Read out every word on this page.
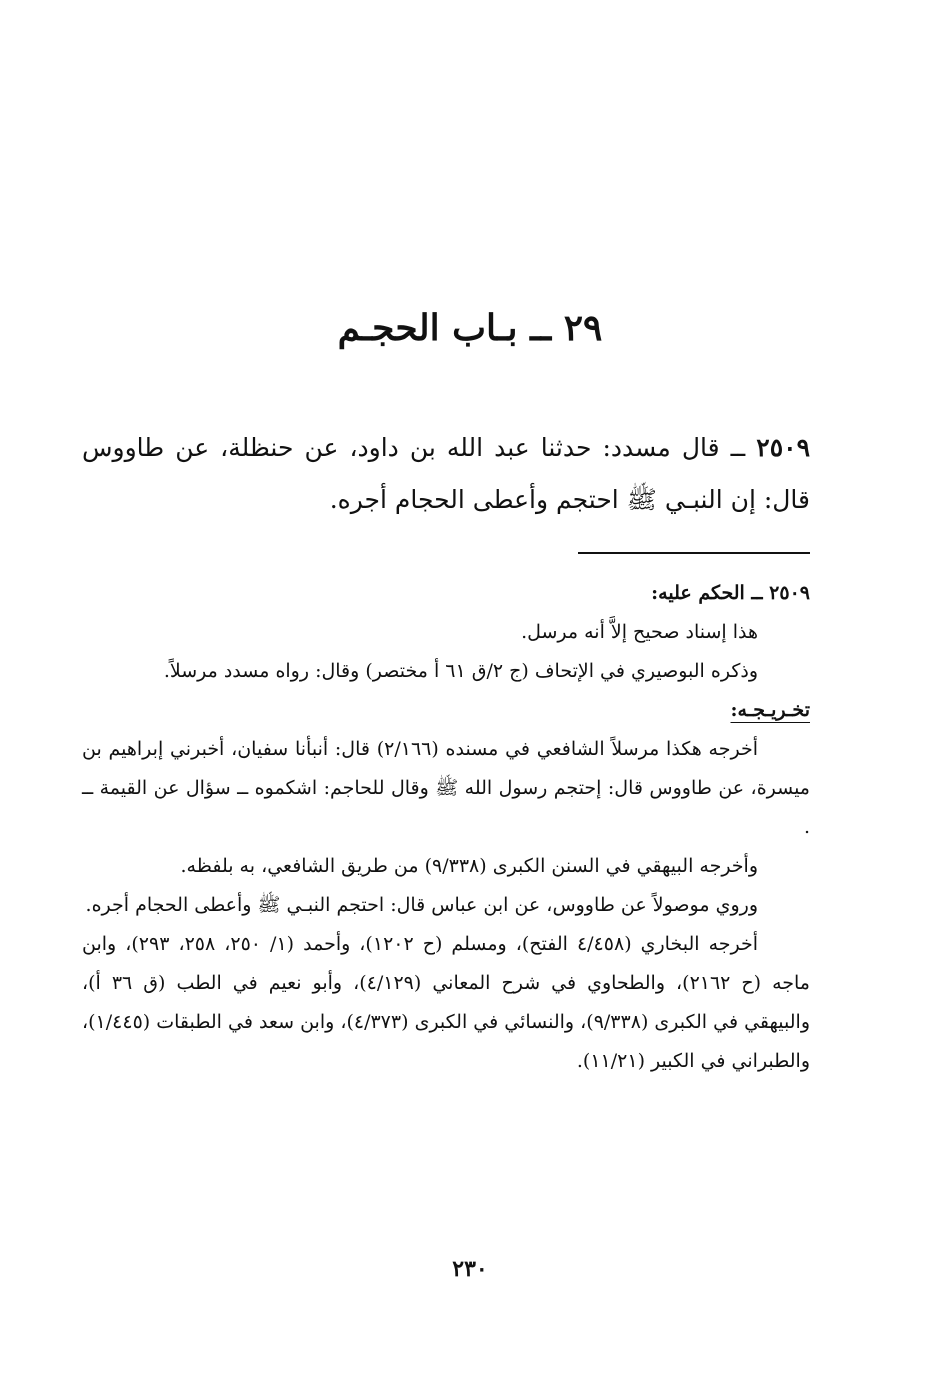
٢٩ ــ بـاب الحجـم
٢٥٠٩ ــ قال مسدد: حدثنا عبد الله بن داود، عن حنظلة، عن طاووس قال: إن النبـي ﷺ احتجم وأعطى الحجام أجره.

٢٥٠٩ ــ الحكم عليه:

هذا إسناد صحيح إلاَّ أنه مرسل.

وذكره البوصيري في الإتحاف (ج ٢/ق ٦١ أ مختصر) وقال: رواه مسدد مرسلاً.

تخـريـجـه:

أخرجه هكذا مرسلاً الشافعي في مسنده (٢/١٦٦) قال: أنبأنا سفيان، أخبرني إبراهيم بن ميسرة، عن طاووس قال: إحتجم رسول الله ﷺ وقال للحاجم: اشكموه ــ سؤال عن القيمة ــ .

وأخرجه البيهقي في السنن الكبرى (٩/٣٣٨) من طريق الشافعي، به بلفظه.

وروي موصولاً عن طاووس، عن ابن عباس قال: احتجم النبـي ﷺ وأعطى الحجام أجره.

أخرجه البخاري (٤/٤٥٨ الفتح)، ومسلم (ح ١٢٠٢)، وأحمد (١/ ٢٥٠، ٢٥٨، ٢٩٣)، وابن ماجه (ح ٢١٦٢)، والطحاوي في شرح المعاني (٤/١٢٩)، وأبو نعيم في الطب (ق ٣٦ أ)، والبيهقي في الكبرى (٩/٣٣٨)، والنسائي في الكبرى (٤/٣٧٣)، وابن سعد في الطبقات (١/٤٤٥)، والطبراني في الكبير (١١/٢١).

٢٣٠
